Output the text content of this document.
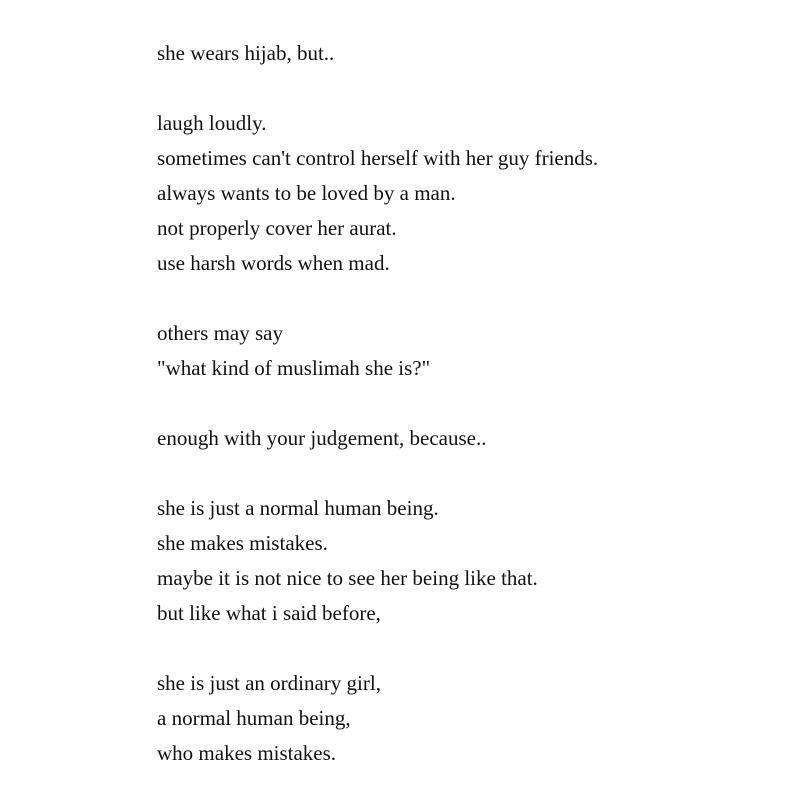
she wears hijab, but..
laugh loudly.
sometimes can't control herself with her guy friends.
always wants to be loved by a man.
not properly cover her aurat.
use harsh words when mad.
others may say
"what kind of muslimah she is?"
enough with your judgement, because..
she is just a normal human being.
she makes mistakes.
maybe it is not nice to see her being like that.
but like what i said before,
she is just an ordinary girl,
a normal human being,
who makes mistakes.
